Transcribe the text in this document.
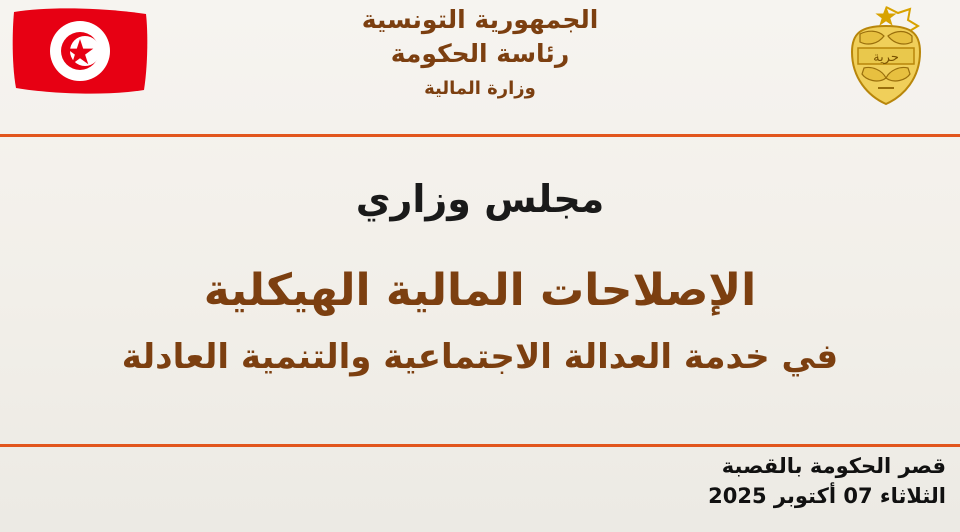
الجمهورية التونسية
رئاسة الحكومة
وزارة المالية
حرية
مجلس وزاري
الإصلاحات المالية الهيكلية
في خدمة العدالة الاجتماعية والتنمية العادلة
قصر الحكومة بالقصبة
الثلاثاء 07 أكتوبر 2025
